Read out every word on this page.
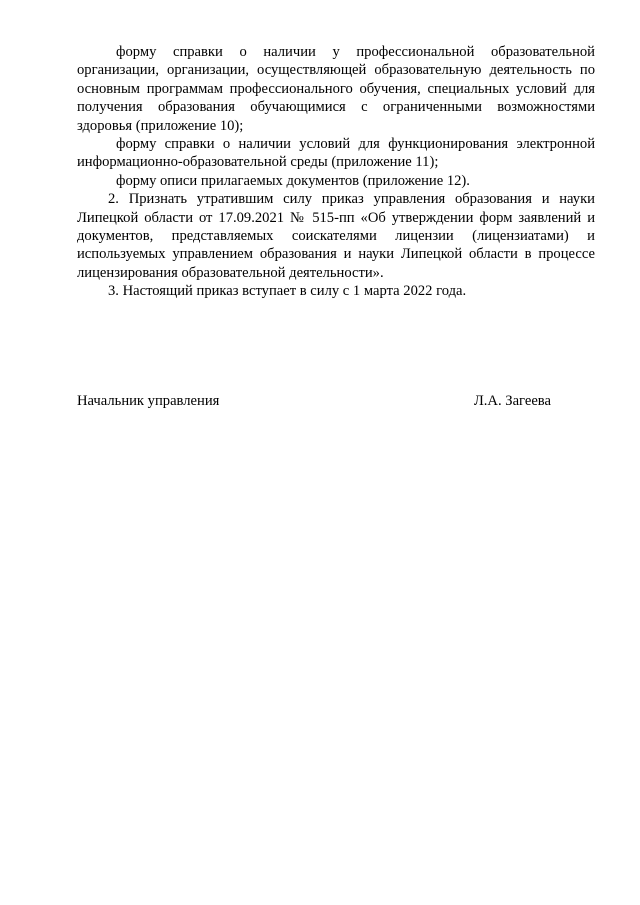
форму справки о наличии у профессиональной образовательной организации, организации, осуществляющей образовательную деятельность по основным программам профессионального обучения, специальных условий для получения образования обучающимися с ограниченными возможностями здоровья (приложение 10);

форму справки о наличии условий для функционирования электронной информационно-образовательной среды (приложение 11);

форму описи прилагаемых документов (приложение 12).

2. Признать утратившим силу приказ управления образования и науки Липецкой области от 17.09.2021 № 515-пп «Об утверждении форм заявлений и документов, представляемых соискателями лицензии (лицензиатами) и используемых управлением образования и науки Липецкой области в процессе лицензирования образовательной деятельности».

3. Настоящий приказ вступает в силу с 1 марта 2022 года.

Начальник управления	Л.А. Загеева
